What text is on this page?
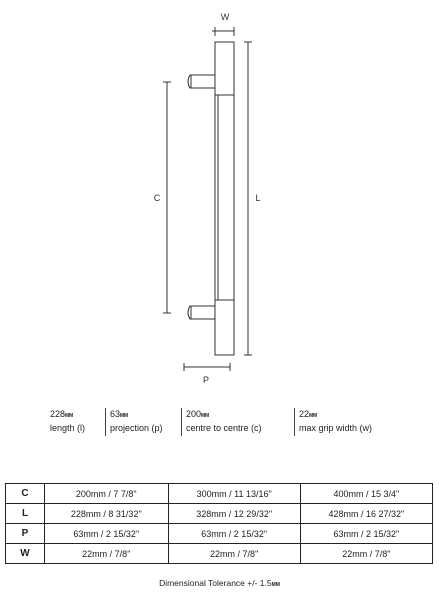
W
C	L
P
228MM
length (l)
63MM
projection (p)
200MM
centre to centre (c)
22MM
max grip width (w)
C	200mm / 7 7/8"	300mm / 11 13/16"	400mm / 15 3/4"
L	228mm / 8 31/32"	328mm / 12 29/32"	428mm / 16 27/32"
P	63mm / 2 15/32"	63mm / 2 15/32"	63mm / 2 15/32"
W	22mm / 7/8"	22mm / 7/8"	22mm / 7/8"
Dimensional Tolerance +/- 1.5MM
